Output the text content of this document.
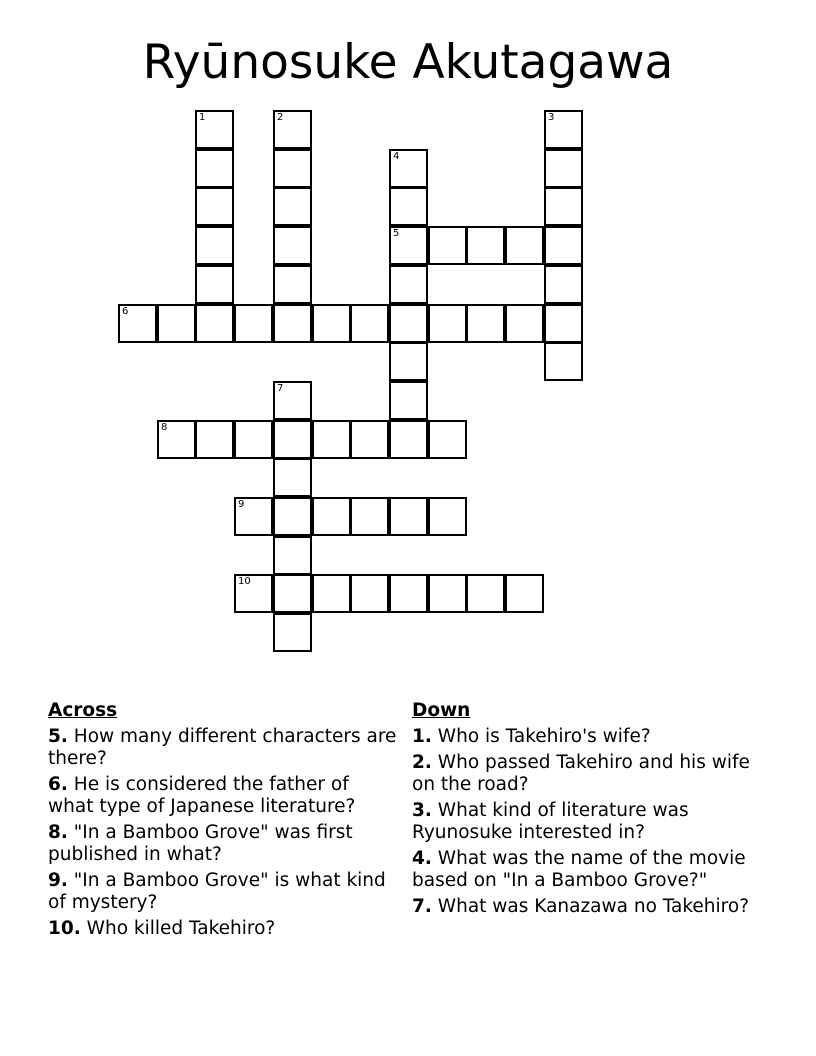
Ryūnosuke Akutagawa
1	2	3
4
5
6
7
8
9
10
Across
5. How many different characters are there?
6. He is considered the father of what type of Japanese literature?
8. "In a Bamboo Grove" was first published in what?
9. "In a Bamboo Grove" is what kind of mystery?
10. Who killed Takehiro?
Down
1. Who is Takehiro's wife?
2. Who passed Takehiro and his wife on the road?
3. What kind of literature was Ryunosuke interested in?
4. What was the name of the movie based on "In a Bamboo Grove?"
7. What was Kanazawa no Takehiro?
